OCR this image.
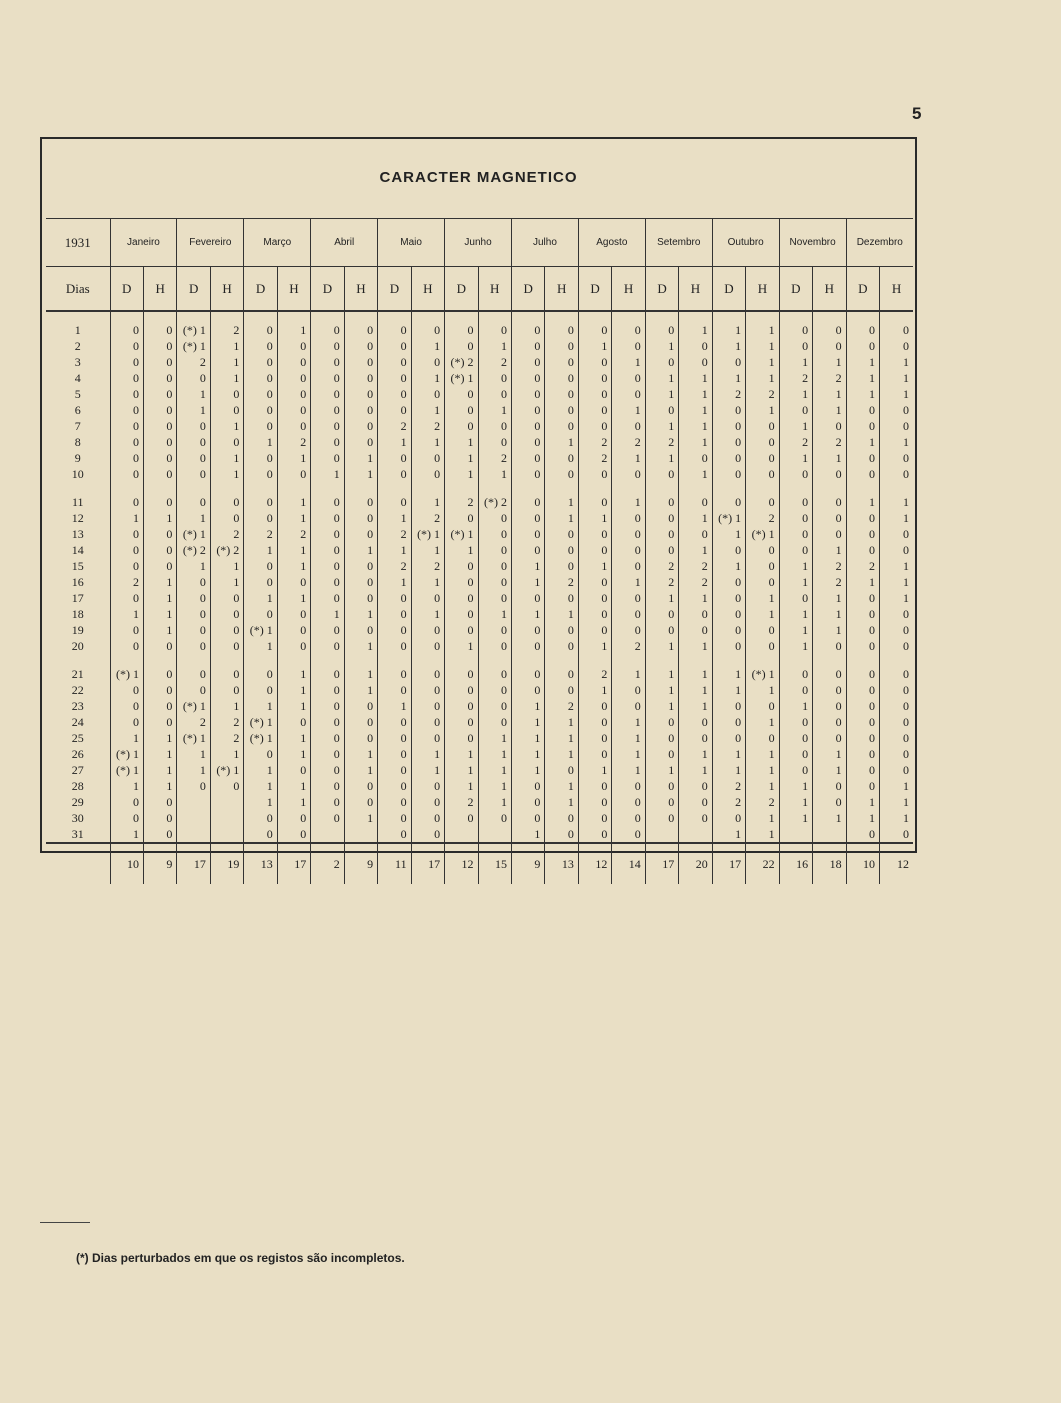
5
CARACTER MAGNETICO
1931	Janeiro		Fevereiro		Março		Abril		Maio		Junho		Julho		Agosto		Setembro		Outubro		Novembro		Dezembro	
Dias	D	H	D	H	D	H	D	H	D	H	D	H	D	H	D	H	D	H	D	H	D	H	D	H
1	0	0	(*) 1	2	0	1	0	0	0	0	0	0	0	0	0	0	0	1	1	1	0	0	0	0
2	0	0	(*) 1	1	0	0	0	0	0	1	0	1	0	0	1	0	1	0	1	1	0	0	0	0
3	0	0	2	1	0	0	0	0	0	0	(*) 2	2	0	0	0	1	0	0	0	1	1	1	1	1
4	0	0	0	1	0	0	0	0	0	1	(*) 1	0	0	0	0	0	1	1	1	1	2	2	1	1
5	0	0	1	0	0	0	0	0	0	0	0	0	0	0	0	0	1	1	2	2	1	1	1	1
6	0	0	1	0	0	0	0	0	0	1	0	1	0	0	0	1	0	1	0	1	0	1	0	0
7	0	0	0	1	0	0	0	0	2	2	0	0	0	0	0	0	1	1	0	0	1	0	0	0
8	0	0	0	0	1	2	0	0	1	1	1	0	0	1	2	2	2	1	0	0	2	2	1	1
9	0	0	0	1	0	1	0	1	0	0	1	2	0	0	2	1	1	0	0	0	1	1	0	0
10	0	0	0	1	0	0	1	1	0	0	1	1	0	0	0	0	0	1	0	0	0	0	0	0
11	0	0	0	0	0	1	0	0	0	1	2	(*) 2	0	1	0	1	0	0	0	0	0	0	1	1
12	1	1	1	0	0	1	0	0	1	2	0	0	0	1	1	0	0	1	(*) 1	2	0	0	0	1
13	0	0	(*) 1	2	2	2	0	0	2	(*) 1	(*) 1	0	0	0	0	0	0	0	1	(*) 1	0	0	0	0
14	0	0	(*) 2	(*) 2	1	1	0	1	1	1	1	0	0	0	0	0	0	1	0	0	0	1	0	0
15	0	0	1	1	0	1	0	0	2	2	0	0	1	0	1	0	2	2	1	0	1	2	2	1
16	2	1	0	1	0	0	0	0	1	1	0	0	1	2	0	1	2	2	0	0	1	2	1	1
17	0	1	0	0	1	1	0	0	0	0	0	0	0	0	0	0	1	1	0	1	0	1	0	1
18	1	1	0	0	0	0	1	1	0	1	0	1	1	1	0	0	0	0	0	1	1	1	0	0
19	0	1	0	0	(*) 1	0	0	0	0	0	0	0	0	0	0	0	0	0	0	0	1	1	0	0
20	0	0	0	0	1	0	0	1	0	0	1	0	0	0	1	2	1	1	0	0	1	0	0	0
21	(*) 1	0	0	0	0	1	0	1	0	0	0	0	0	0	2	1	1	1	1	(*) 1	0	0	0	0
22	0	0	0	0	0	1	0	1	0	0	0	0	0	0	1	0	1	1	1	1	0	0	0	0
23	0	0	(*) 1	1	1	1	0	0	1	0	0	0	1	2	0	0	1	1	0	0	1	0	0	0
24	0	0	2	2	(*) 1	0	0	0	0	0	0	0	1	1	0	1	0	0	0	1	0	0	0	0
25	1	1	(*) 1	2	(*) 1	1	0	0	0	0	0	1	1	1	0	1	0	0	0	0	0	0	0	0
26	(*) 1	1	1	1	0	1	0	1	0	1	1	1	1	1	0	1	0	1	1	1	0	1	0	0
27	(*) 1	1	1	(*) 1	1	0	0	1	0	1	1	1	1	0	1	1	1	1	1	1	0	1	0	0
28	1	1	0	0	1	1	0	0	0	0	1	1	0	1	0	0	0	0	2	1	1	0	0	1
29	0	0			1	1	0	0	0	0	2	1	0	1	0	0	0	0	2	2	1	0	1	1
30	0	0			0	0	0	1	0	0	0	0	0	0	0	0	0	0	0	1	1	1	1	1
31	1	0			0	0			0	0			1	0	0	0			1	1			0	0
	10	9	17	19	13	17	2	9	11	17	12	15	9	13	12	14	17	20	17	22	16	18	10	12
(*) Dias perturbados em que os registos são incompletos.
